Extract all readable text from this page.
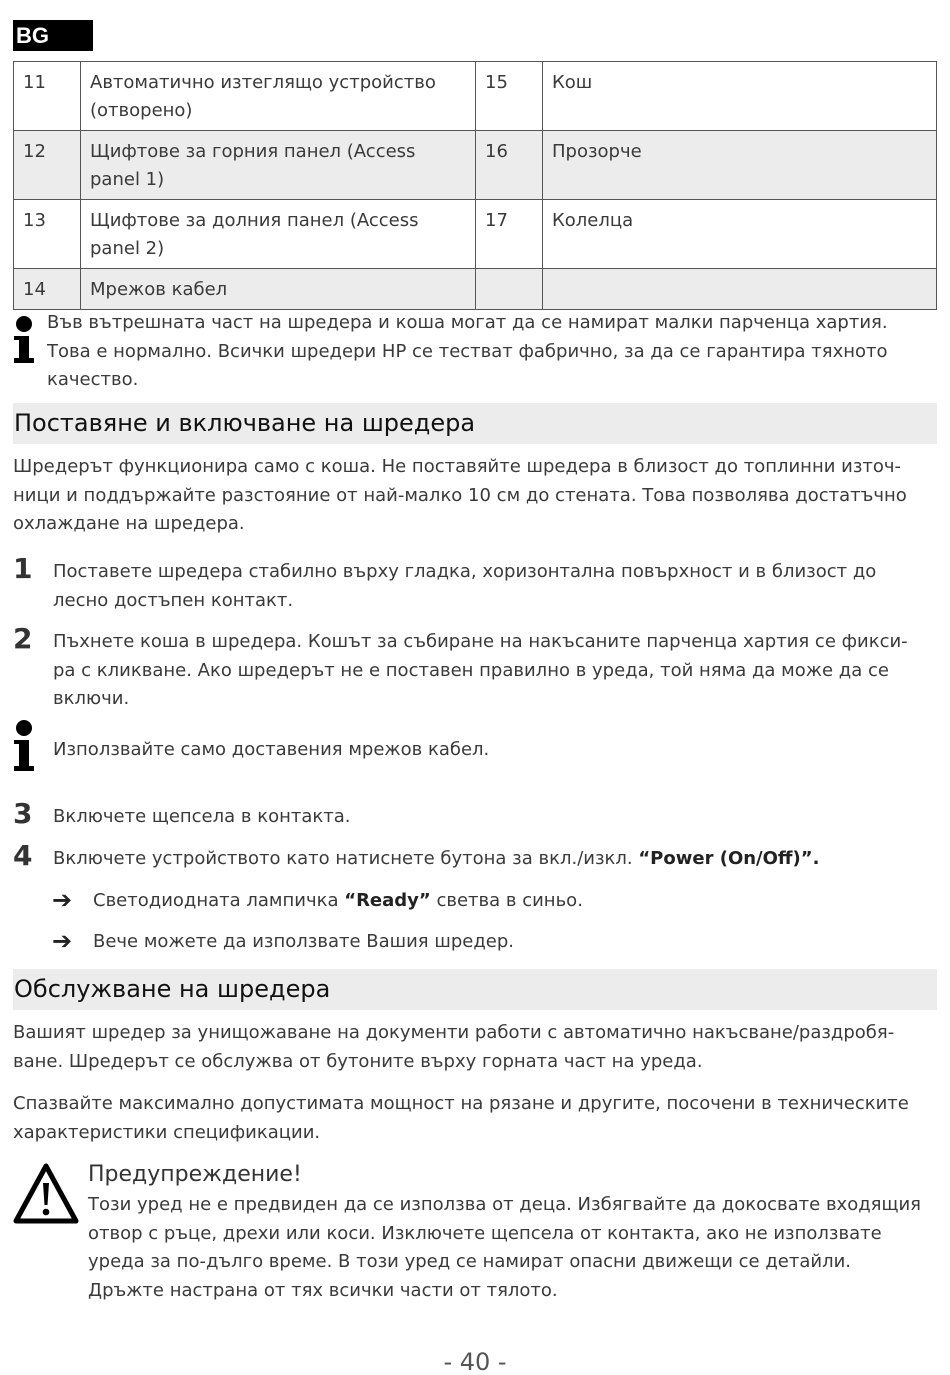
BG
11	Автоматично изтеглящо устройство (отворено)	15	Кош
12	Щифтове за горния панел (Access panel 1)	16	Прозорче
13	Щифтове за долния панел (Access panel 2)	17	Колелца
14	Мрежов кабел		
Във вътрешната част на шредера и коша могат да се намират малки парченца хартия.
Това е нормално. Всички шредери HP се тестват фабрично, за да се гарантира тяхното
качество.
Поставяне и включване на шредера
Шредерът функционира само с коша. Не поставяйте шредера в близост до топлинни източ-
ници и поддържайте разстояние от най-малко 10 см до стената. Това позволява достатъчно
охлаждане на шредера.
1 Поставете шредера стабилно върху гладка, хоризонтална повърхност и в близост до
лесно достъпен контакт.
2 Пъхнете коша в шредера. Кошът за събиране на накъсаните парченца хартия се фикси-
ра с кликване. Ако шредерът не е поставен правилно в уреда, той няма да може да се
включи.
Използвайте само доставения мрежов кабел.
3 Включете щепсела в контакта.
4 Включете устройството като натиснете бутона за вкл./изкл. “Power (On/Off)”.
➔ Светодиодната лампичка “Ready” светва в синьо.
➔ Вече можете да използвате Вашия шредер.
Обслужване на шредера
Вашият шредер за унищожаване на документи работи с автоматично накъсване/раздробя-
ване. Шредерът се обслужва от бутоните върху горната част на уреда.
Спазвайте максимално допустимата мощност на рязане и другите, посочени в техническите
характеристики спецификации.
Предупреждение!
Този уред не е предвиден да се използва от деца. Избягвайте да докосвате входящия
отвор с ръце, дрехи или коси. Изключете щепсела от контакта, ако не използвате
уреда за по-дълго време. В този уред се намират опасни движещи се детайли.
Дръжте настрана от тях всички части от тялото.
- 40 -
